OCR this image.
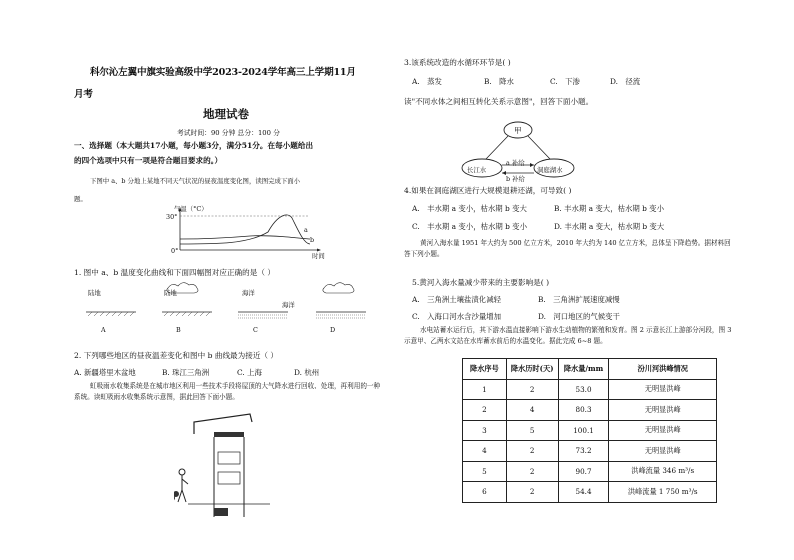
科尔沁左翼中旗实验高级中学2023-2024学年高三上学期11月
月考
地理试卷
考试时间：90 分钟 总分：100 分
一、选择题（本大题共17小题，每小题3分，满分51分。在每小题给出
的四个选项中只有一项是符合题目要求的。）
下图中 a、b 分地上某地不同天气状况的昼夜温度变化图，读图完成下面小
题。
气温（°C）
30°
0°
a
b
时间
1. 图中 a、b 温度变化曲线和下面四幅图对应正确的是（ ）
陆地	陆地	海洋
海洋
A	B	C	D
2. 下列哪些地区的昼夜温差变化和图中 b 曲线最为接近（ ）
A. 新疆塔里木盆地	B. 珠江三角洲	C. 上海	D. 杭州
虹吸雨水收集系统是在城市地区利用一些技术手段将屋顶的大气降水进行回收、处理，再利用的一种系统。读虹吸雨水收集系统示意图，据此回答下面小题。
3.该系统改造的水循环环节是( )
A.　蒸发	B.　降水	C.　下渗	D.　径流
读"不同水体之间相互转化关系示意图"，回答下面小题。
甲
长江水	洞庭湖水
a 补给
b 补给
4.如果在洞庭湖区进行大规模退耕还湖，可导致( )
A.　丰水期 a 变小，枯水期 b 变大	B. 丰水期 a 变大，枯水期 b 变小
C.　丰水期 a 变小，枯水期 b 变小	D. 丰水期 a 变大，枯水期 b 变大
黄河入海水量 1951 年大约为 500 亿立方米，2010 年大约为 140 亿立方米，总体呈下降趋势。据材料回答下列小题。
5.黄河入海水量减少带来的主要影响是( )
A.　三角洲土壤盐渍化减轻	B.　三角洲扩展速度减慢
C.　入海口河水含沙量增加	D.　河口地区的气候变干
水电站蓄水运行后，其下游水温直接影响下游水生动植物的繁殖和发育。图 2 示意长江上游部分河段，图 3 示意甲、乙两水文站在水库蓄水前后的水温变化。据此完成 6~8 题。
降水序号	降水历时(天)	降水量/mm	汾川河洪峰情况
1	2	53.0	无明显洪峰
2	4	80.3	无明显洪峰
3	5	100.1	无明显洪峰
4	2	73.2	无明显洪峰
5	2	90.7	洪峰流量 346 m³/s
6	2	54.4	洪峰流量 1 750 m³/s
